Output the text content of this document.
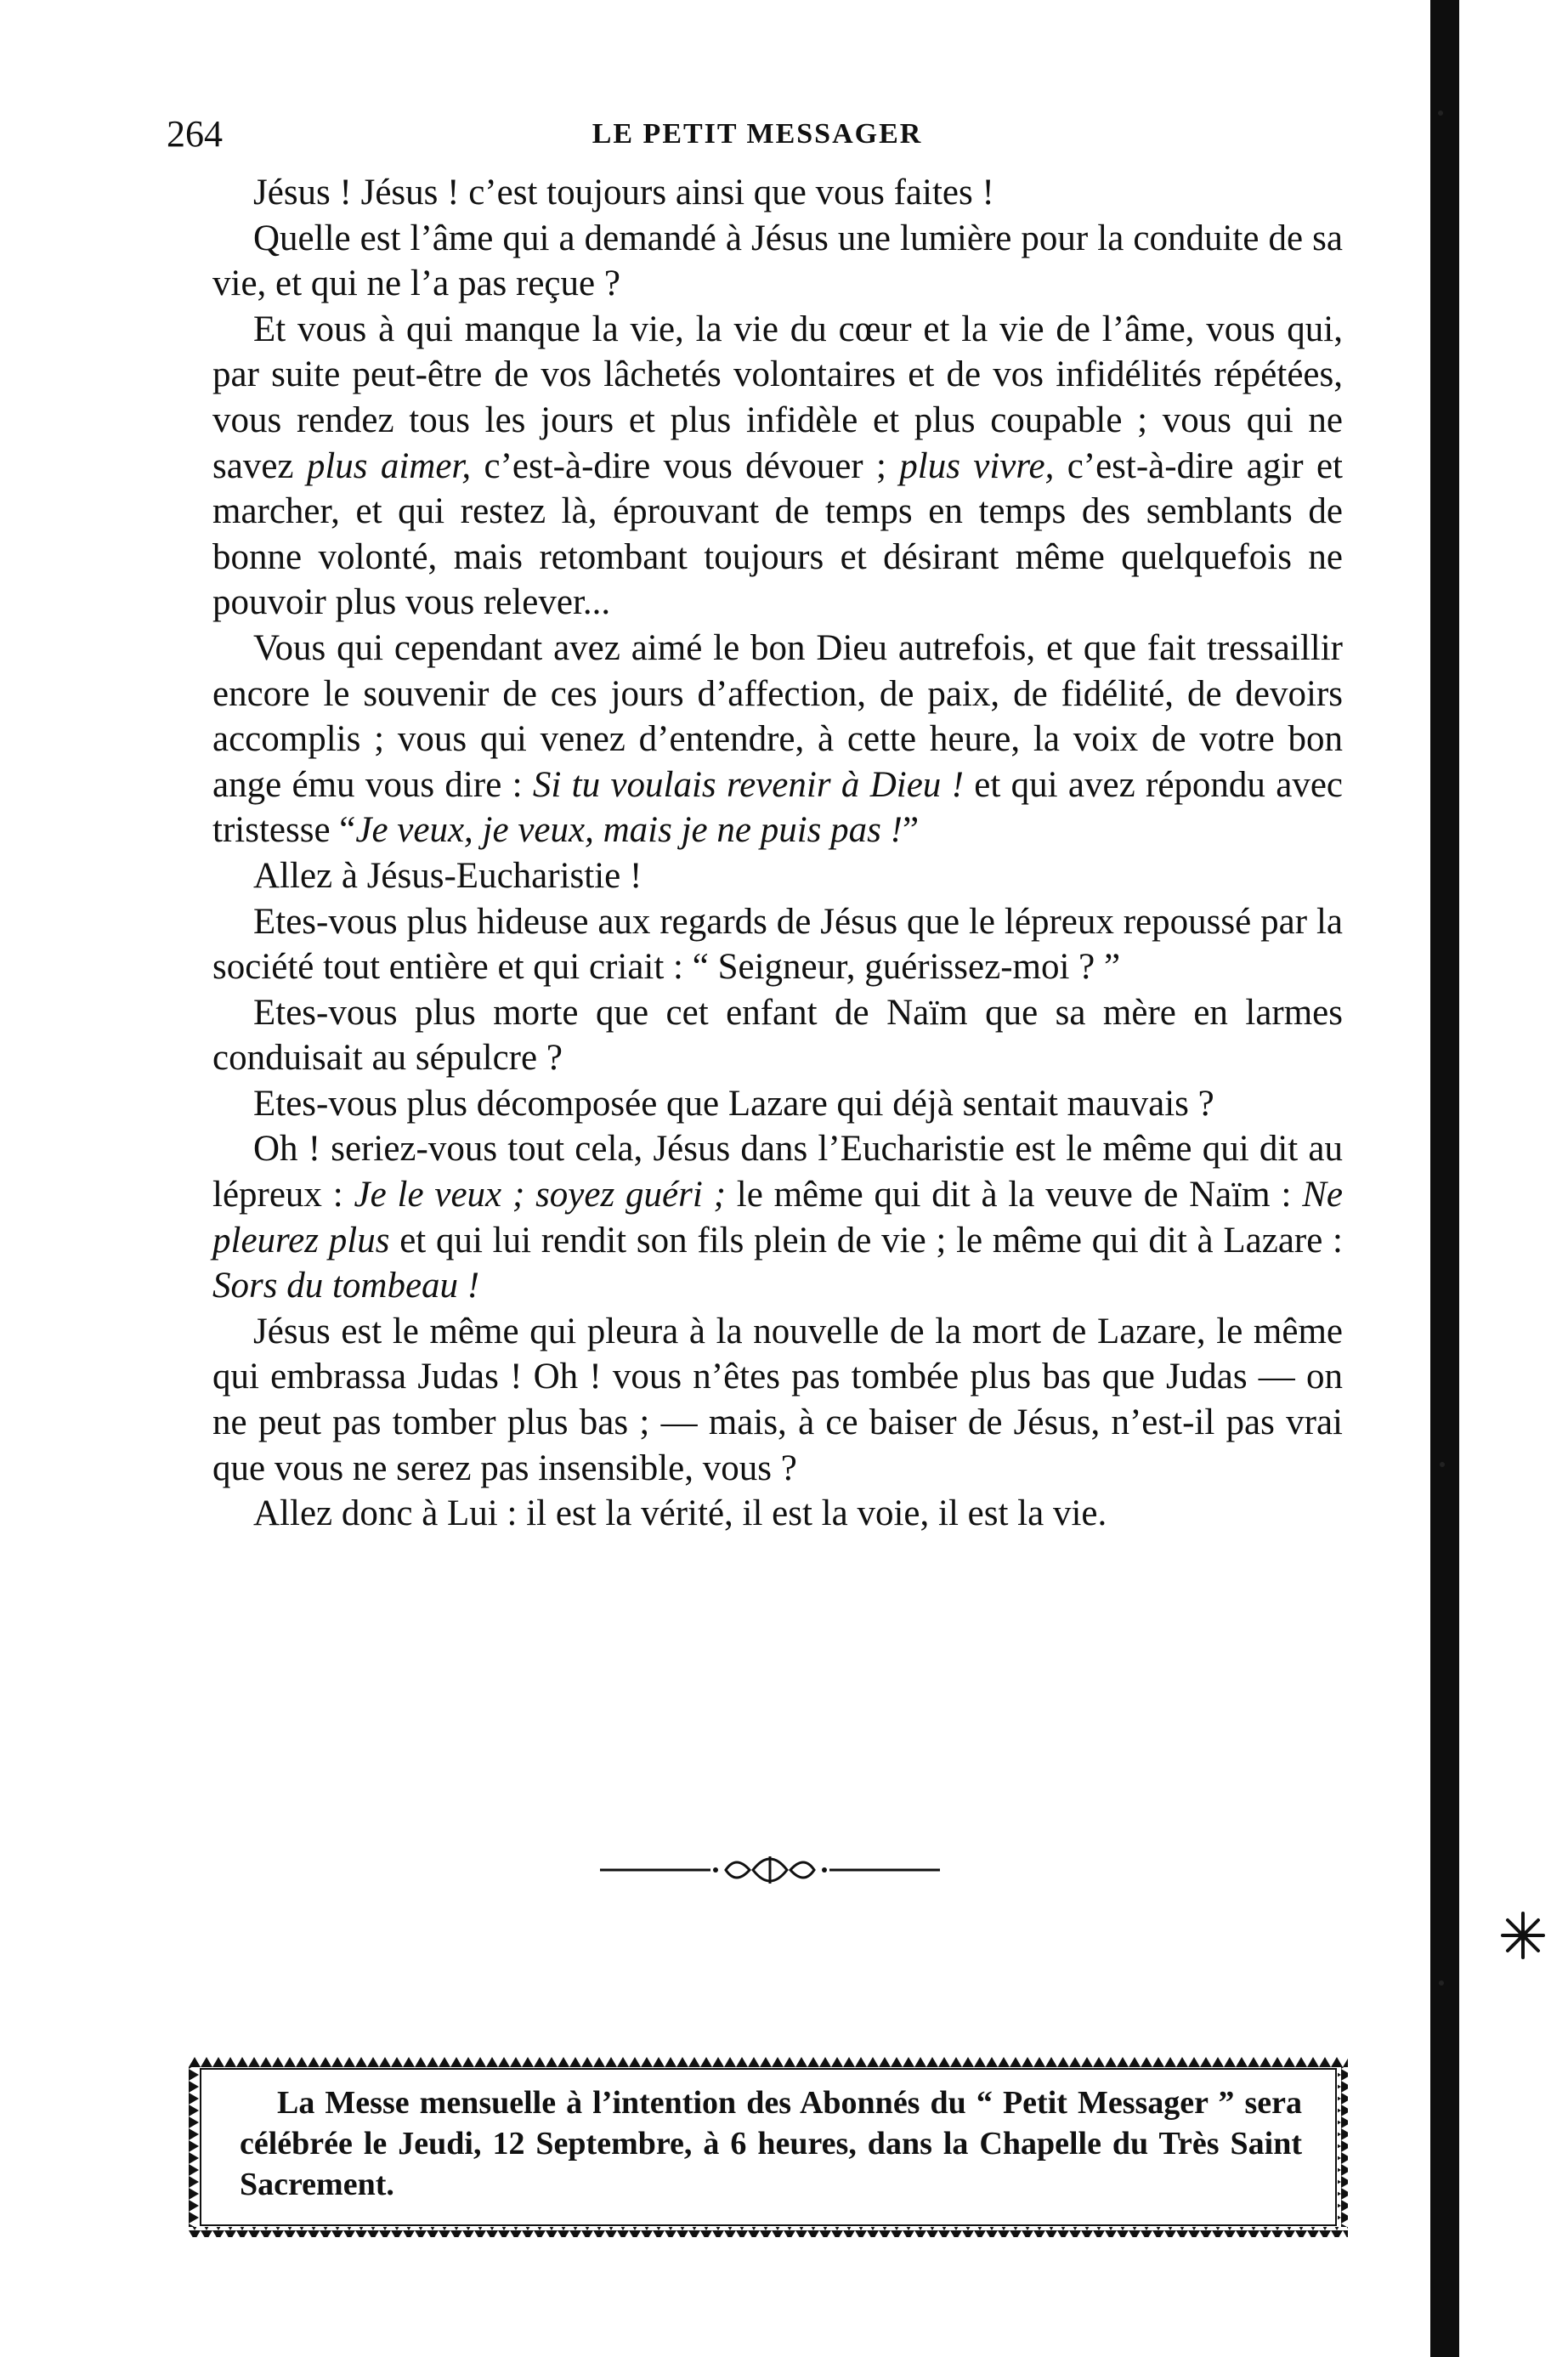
264	LE PETIT MESSAGER

Jésus ! Jésus ! c’est toujours ainsi que vous faites !

Quelle est l’âme qui a demandé à Jésus une lumière pour la conduite de sa vie, et qui ne l’a pas reçue ?

Et vous à qui manque la vie, la vie du cœur et la vie de l’âme, vous qui, par suite peut-être de vos lâchetés volontaires et de vos infidélités répétées, vous rendez tous les jours et plus infidèle et plus coupable ; vous qui ne savez plus aimer, c’est-à-dire vous dévouer ; plus vivre, c’est-à-dire agir et marcher, et qui restez là, éprouvant de temps en temps des semblants de bonne volonté, mais retombant toujours et désirant même quelquefois ne pouvoir plus vous relever...

Vous qui cependant avez aimé le bon Dieu autrefois, et que fait tressaillir encore le souvenir de ces jours d’affection, de paix, de fidélité, de devoirs accomplis ; vous qui venez d’entendre, à cette heure, la voix de votre bon ange ému vous dire : Si tu voulais revenir à Dieu ! et qui avez répondu avec tristesse “Je veux, je veux, mais je ne puis pas !”

Allez à Jésus-Eucharistie !

Etes-vous plus hideuse aux regards de Jésus que le lépreux repoussé par la société tout entière et qui criait : “ Seigneur, guérissez-moi ? ”

Etes-vous plus morte que cet enfant de Naïm que sa mère en larmes conduisait au sépulcre ?

Etes-vous plus décomposée que Lazare qui déjà sentait mauvais ?

Oh ! seriez-vous tout cela, Jésus dans l’Eucharistie est le même qui dit au lépreux : Je le veux ; soyez guéri ; le même qui dit à la veuve de Naïm : Ne pleurez plus et qui lui rendit son fils plein de vie ; le même qui dit à Lazare : Sors du tombeau !

Jésus est le même qui pleura à la nouvelle de la mort de Lazare, le même qui embrassa Judas ! Oh ! vous n’êtes pas tombée plus bas que Judas — on ne peut pas tomber plus bas ; — mais, à ce baiser de Jésus, n’est-il pas vrai que vous ne serez pas insensible, vous ?

Allez donc à Lui : il est la vérité, il est la voie, il est la vie.

La Messe mensuelle à l’intention des Abonnés du “ Petit Messager ” sera célébrée le Jeudi, 12 Septembre, à 6 heures, dans la Chapelle du Très Saint Sacrement.
